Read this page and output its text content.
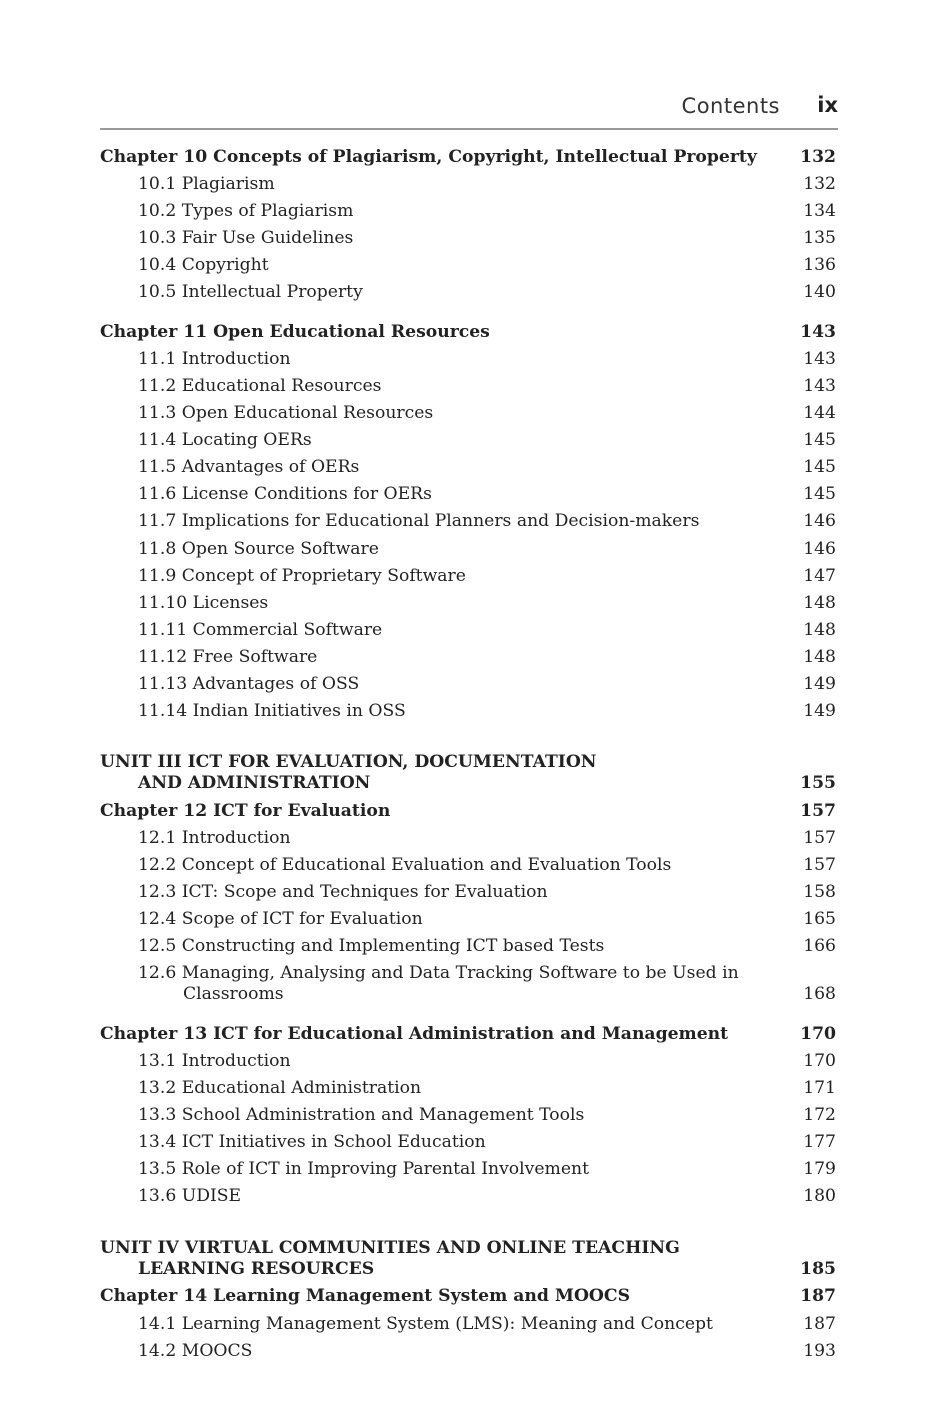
Contents ix
Chapter 10 Concepts of Plagiarism, Copyright, Intellectual Property	132
10.1 Plagiarism	132
10.2 Types of Plagiarism	134
10.3 Fair Use Guidelines	135
10.4 Copyright	136
10.5 Intellectual Property	140
Chapter 11 Open Educational Resources	143
11.1 Introduction	143
11.2 Educational Resources	143
11.3 Open Educational Resources	144
11.4 Locating OERs	145
11.5 Advantages of OERs	145
11.6 License Conditions for OERs	145
11.7 Implications for Educational Planners and Decision-makers	146
11.8 Open Source Software	146
11.9 Concept of Proprietary Software	147
11.10 Licenses	148
11.11 Commercial Software	148
11.12 Free Software	148
11.13 Advantages of OSS	149
11.14 Indian Initiatives in OSS	149
UNIT III ICT FOR EVALUATION, DOCUMENTATION
AND ADMINISTRATION	155
Chapter 12 ICT for Evaluation	157
12.1 Introduction	157
12.2 Concept of Educational Evaluation and Evaluation Tools	157
12.3 ICT: Scope and Techniques for Evaluation	158
12.4 Scope of ICT for Evaluation	165
12.5 Constructing and Implementing ICT based Tests	166
12.6 Managing, Analysing and Data Tracking Software to be Used in
Classrooms	168
Chapter 13 ICT for Educational Administration and Management	170
13.1 Introduction	170
13.2 Educational Administration	171
13.3 School Administration and Management Tools	172
13.4 ICT Initiatives in School Education	177
13.5 Role of ICT in Improving Parental Involvement	179
13.6 UDISE	180
UNIT IV VIRTUAL COMMUNITIES AND ONLINE TEACHING
LEARNING RESOURCES	185
Chapter 14 Learning Management System and MOOCS	187
14.1 Learning Management System (LMS): Meaning and Concept	187
14.2 MOOCS	193
